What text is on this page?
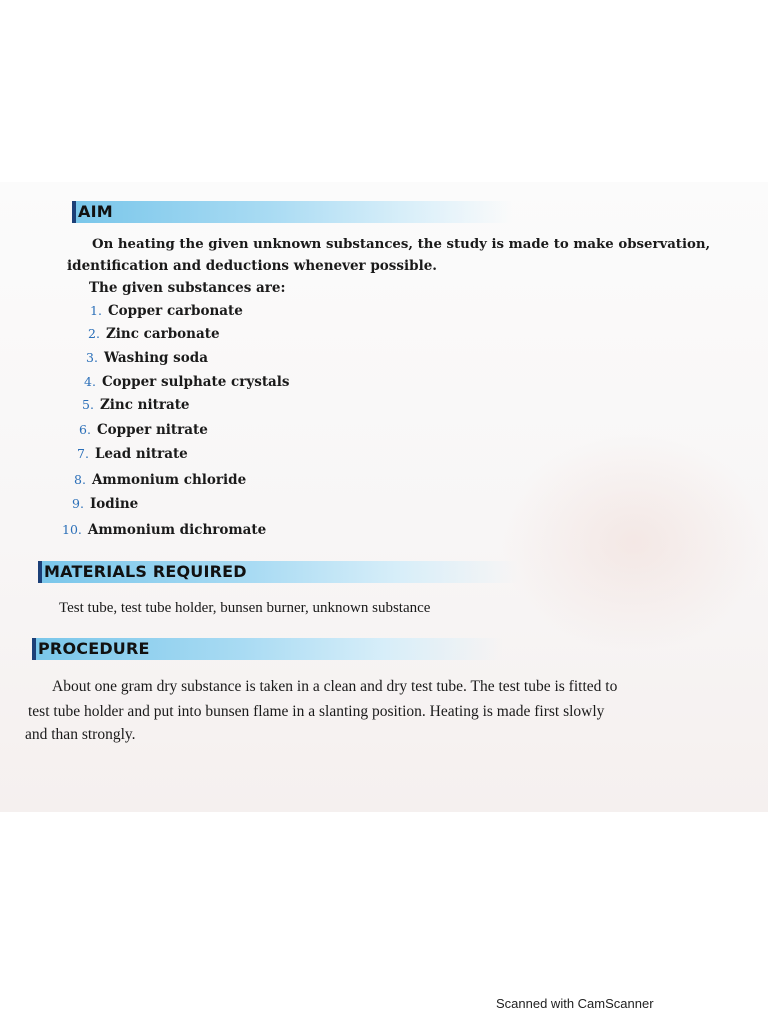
AIM
On heating the given unknown substances, the study is made to make observation,
identification and deductions whenever possible.
The given substances are:
1. Copper carbonate
2. Zinc carbonate
3. Washing soda
4. Copper sulphate crystals
5. Zinc nitrate
6. Copper nitrate
7. Lead nitrate
8. Ammonium chloride
9. Iodine
10. Ammonium dichromate
MATERIALS REQUIRED
Test tube, test tube holder, bunsen burner, unknown substance
PROCEDURE
About one gram dry substance is taken in a clean and dry test tube. The test tube is fitted to
test tube holder and put into bunsen flame in a slanting position. Heating is made first slowly
and than strongly.
Scanned with CamScanner
